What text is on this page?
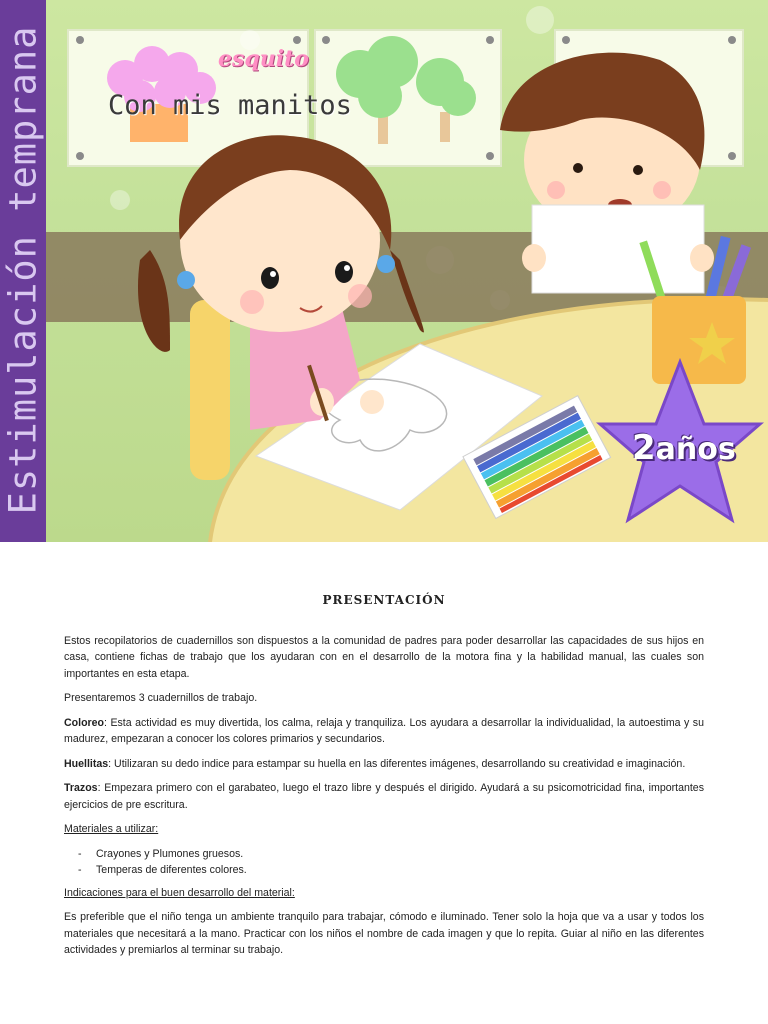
Estimulación temprana	esquito
Con mis manitos
2años
PRESENTACIÓN

Estos recopilatorios de cuadernillos son dispuestos a la comunidad de padres para poder desarrollar las capacidades de sus hijos en casa, contiene fichas de trabajo que los ayudaran con en el desarrollo de la motora fina y la habilidad manual, las cuales son importantes en esta etapa.

Presentaremos 3 cuadernillos de trabajo.

Coloreo: Esta actividad es muy divertida, los calma, relaja y tranquiliza. Los ayudara a desarrollar la individualidad, la autoestima y su madurez, empezaran a conocer los colores primarios y secundarios.

Huellitas: Utilizaran su dedo indice para estampar su huella en las diferentes imágenes, desarrollando su creatividad e imaginación.

Trazos: Empezara primero con el garabateo, luego el trazo libre y después el dirigido. Ayudará a su psicomotricidad fina, importantes ejercicios de pre escritura.

Materiales a utilizar:
- Crayones y Plumones gruesos.
- Temperas de diferentes colores.
Indicaciones para el buen desarrollo del material:

Es preferible que el niño tenga un ambiente tranquilo para trabajar, cómodo e iluminado. Tener solo la hoja que va a usar y todos los materiales que necesitará a la mano. Practicar con los niños el nombre de cada imagen y que lo repita. Guiar al niño en las diferentes actividades y premiarlos al terminar su trabajo.
